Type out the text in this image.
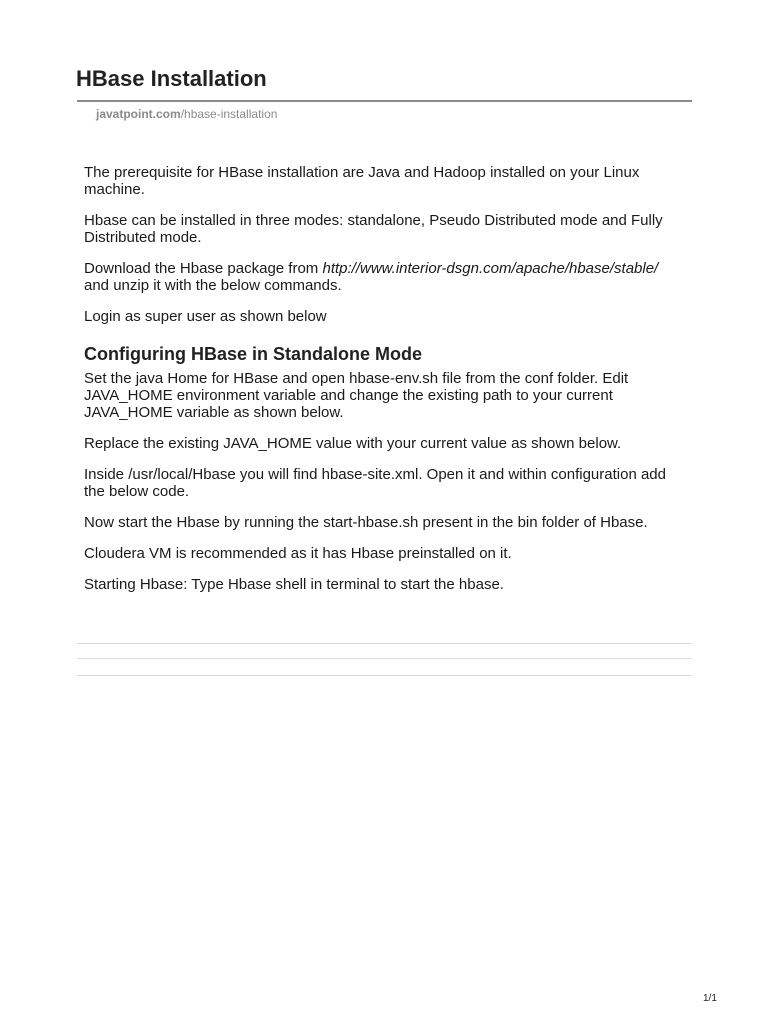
HBase Installation
javatpoint.com/hbase-installation

The prerequisite for HBase installation are Java and Hadoop installed on your Linux machine.

Hbase can be installed in three modes: standalone, Pseudo Distributed mode and Fully Distributed mode.

Download the Hbase package from http://www.interior-dsgn.com/apache/hbase/stable/
and unzip it with the below commands.

Login as super user as shown below

Configuring HBase in Standalone Mode

Set the java Home for HBase and open hbase-env.sh file from the conf folder. Edit JAVA_HOME environment variable and change the existing path to your current JAVA_HOME variable as shown below.

Replace the existing JAVA_HOME value with your current value as shown below.

Inside /usr/local/Hbase you will find hbase-site.xml. Open it and within configuration add the below code.

Now start the Hbase by running the start-hbase.sh present in the bin folder of Hbase.

Cloudera VM is recommended as it has Hbase preinstalled on it.

Starting Hbase: Type Hbase shell in terminal to start the hbase.

1/1
